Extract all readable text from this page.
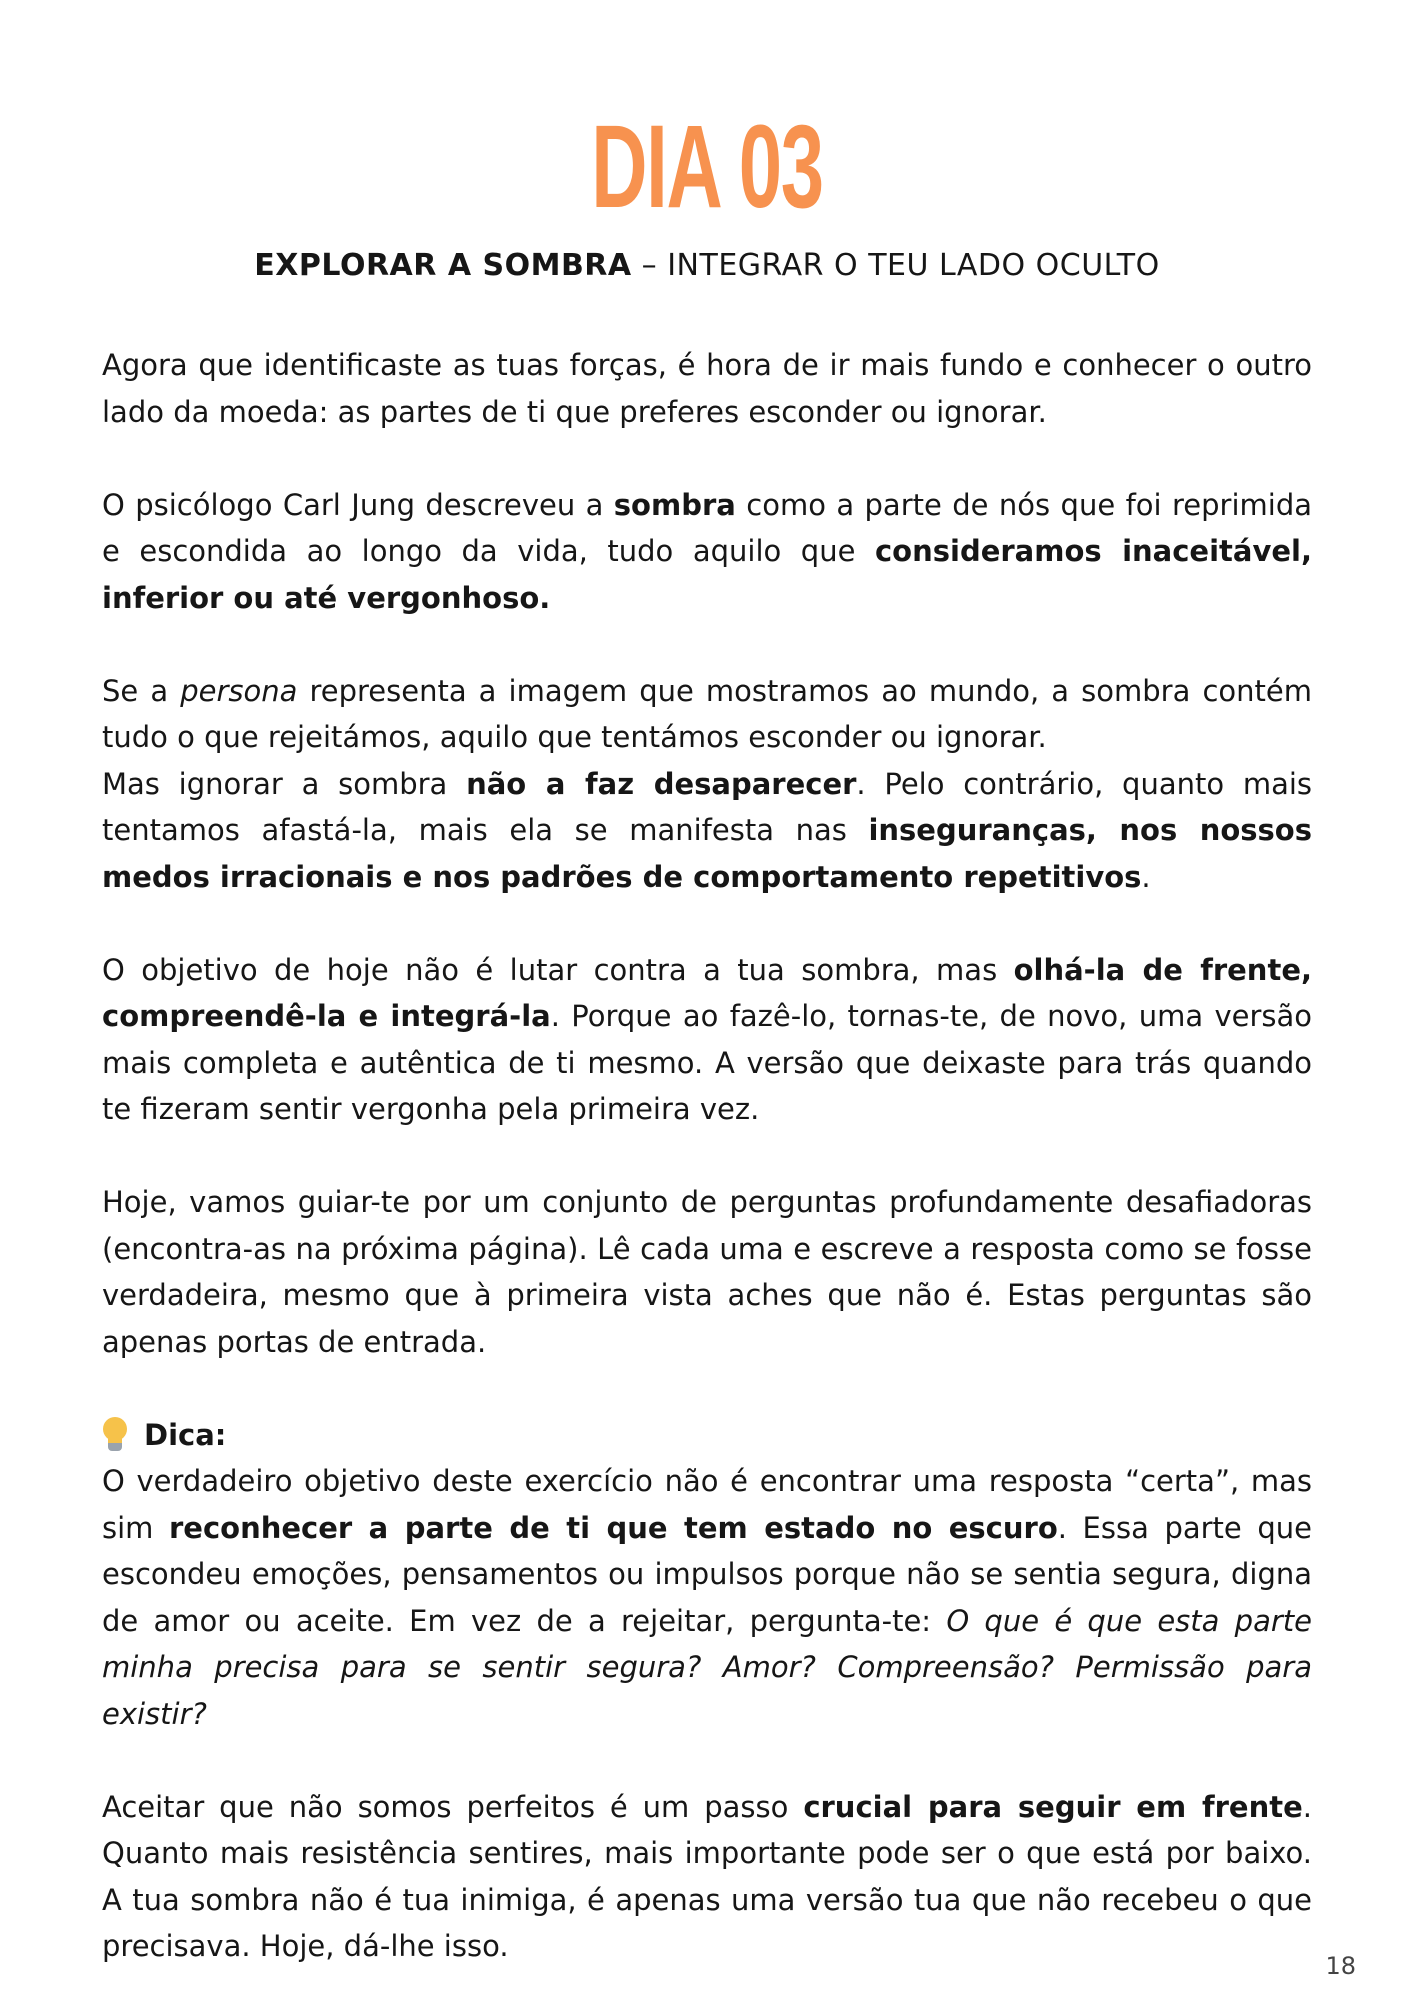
DIA 03
EXPLORAR A SOMBRA – INTEGRAR O TEU LADO OCULTO

Agora que identificaste as tuas forças, é hora de ir mais fundo e conhecer o outro lado da moeda: as partes de ti que preferes esconder ou ignorar.

O psicólogo Carl Jung descreveu a sombra como a parte de nós que foi reprimida e escondida ao longo da vida, tudo aquilo que consideramos inaceitável, inferior ou até vergonhoso.

Se a persona representa a imagem que mostramos ao mundo, a sombra contém tudo o que rejeitámos, aquilo que tentámos esconder ou ignorar.

Mas ignorar a sombra não a faz desaparecer. Pelo contrário, quanto mais tentamos afastá-la, mais ela se manifesta nas inseguranças, nos nossos medos irracionais e nos padrões de comportamento repetitivos.

O objetivo de hoje não é lutar contra a tua sombra, mas olhá-la de frente, compreendê-la e integrá-la. Porque ao fazê-lo, tornas-te, de novo, uma versão mais completa e autêntica de ti mesmo. A versão que deixaste para trás quando te fizeram sentir vergonha pela primeira vez.

Hoje, vamos guiar-te por um conjunto de perguntas profundamente desafiadoras (encontra-as na próxima página). Lê cada uma e escreve a resposta como se fosse verdadeira, mesmo que à primeira vista aches que não é. Estas perguntas são apenas portas de entrada.

Dica:

O verdadeiro objetivo deste exercício não é encontrar uma resposta “certa”, mas sim reconhecer a parte de ti que tem estado no escuro. Essa parte que escondeu emoções, pensamentos ou impulsos porque não se sentia segura, digna de amor ou aceite. Em vez de a rejeitar, pergunta-te: O que é que esta parte minha precisa para se sentir segura? Amor? Compreensão? Permissão para existir?

Aceitar que não somos perfeitos é um passo crucial para seguir em frente. Quanto mais resistência sentires, mais importante pode ser o que está por baixo. A tua sombra não é tua inimiga, é apenas uma versão tua que não recebeu o que precisava. Hoje, dá-lhe isso.

18
